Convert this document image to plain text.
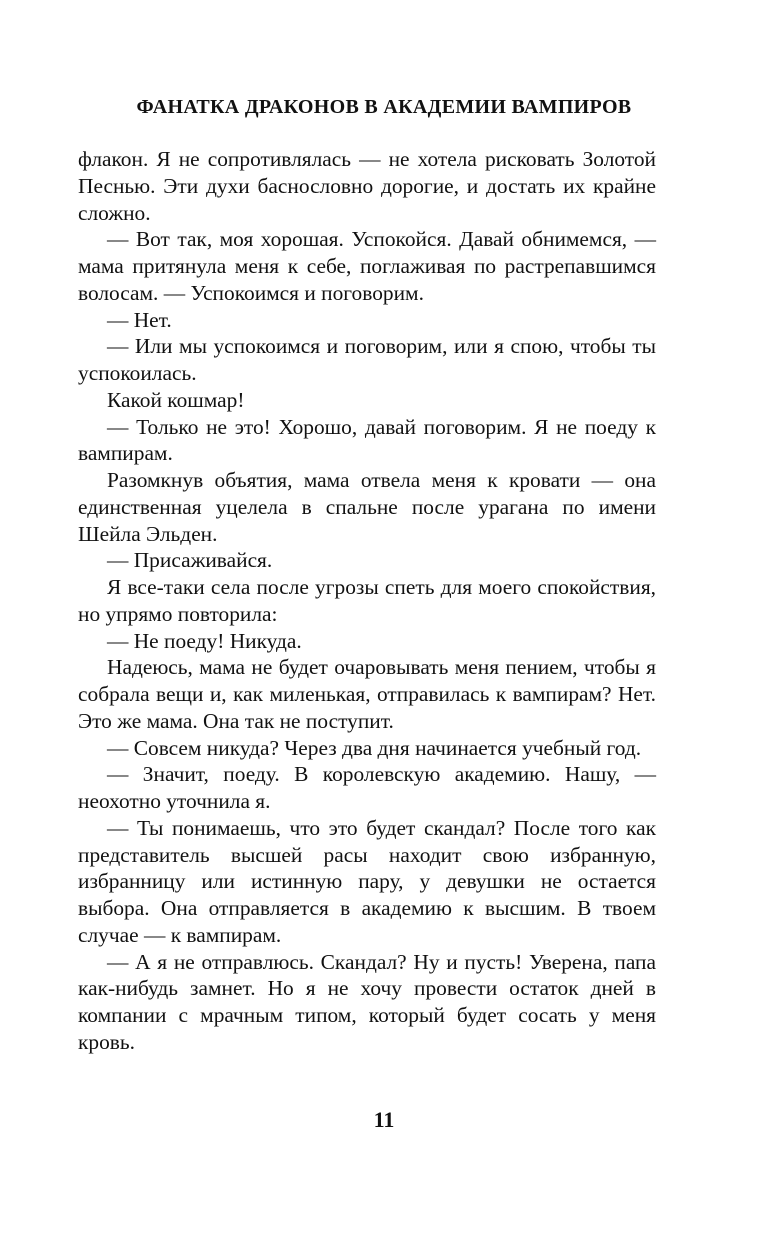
ФАНАТКА ДРАКОНОВ В АКАДЕМИИ ВАМПИРОВ

флакон. Я не сопротивлялась — не хотела рисковать Золотой Песнью. Эти духи баснословно дорогие, и достать их крайне сложно.

— Вот так, моя хорошая. Успокойся. Давай обнимемся, — мама притянула меня к себе, поглаживая по растрепавшимся волосам. — Успокоимся и поговорим.

— Нет.

— Или мы успокоимся и поговорим, или я спою, чтобы ты успокоилась.

Какой кошмар!

— Только не это! Хорошо, давай поговорим. Я не поеду к вампирам.

Разомкнув объятия, мама отвела меня к кровати — она единственная уцелела в спальне после урагана по имени Шейла Эльден.

— Присаживайся.

Я все-таки села после угрозы спеть для моего спокойствия, но упрямо повторила:

— Не поеду! Никуда.

Надеюсь, мама не будет очаровывать меня пением, чтобы я собрала вещи и, как миленькая, отправилась к вампирам? Нет. Это же мама. Она так не поступит.

— Совсем никуда? Через два дня начинается учебный год.

— Значит, поеду. В королевскую академию. Нашу, — неохотно уточнила я.

— Ты понимаешь, что это будет скандал? После того как представитель высшей расы находит свою избранную, избранницу или истинную пару, у девушки не остается выбора. Она отправляется в академию к высшим. В твоем случае — к вампирам.

— А я не отправлюсь. Скандал? Ну и пусть! Уверена, папа как-нибудь замнет. Но я не хочу провести остаток дней в компании с мрачным типом, который будет сосать у меня кровь.

11
